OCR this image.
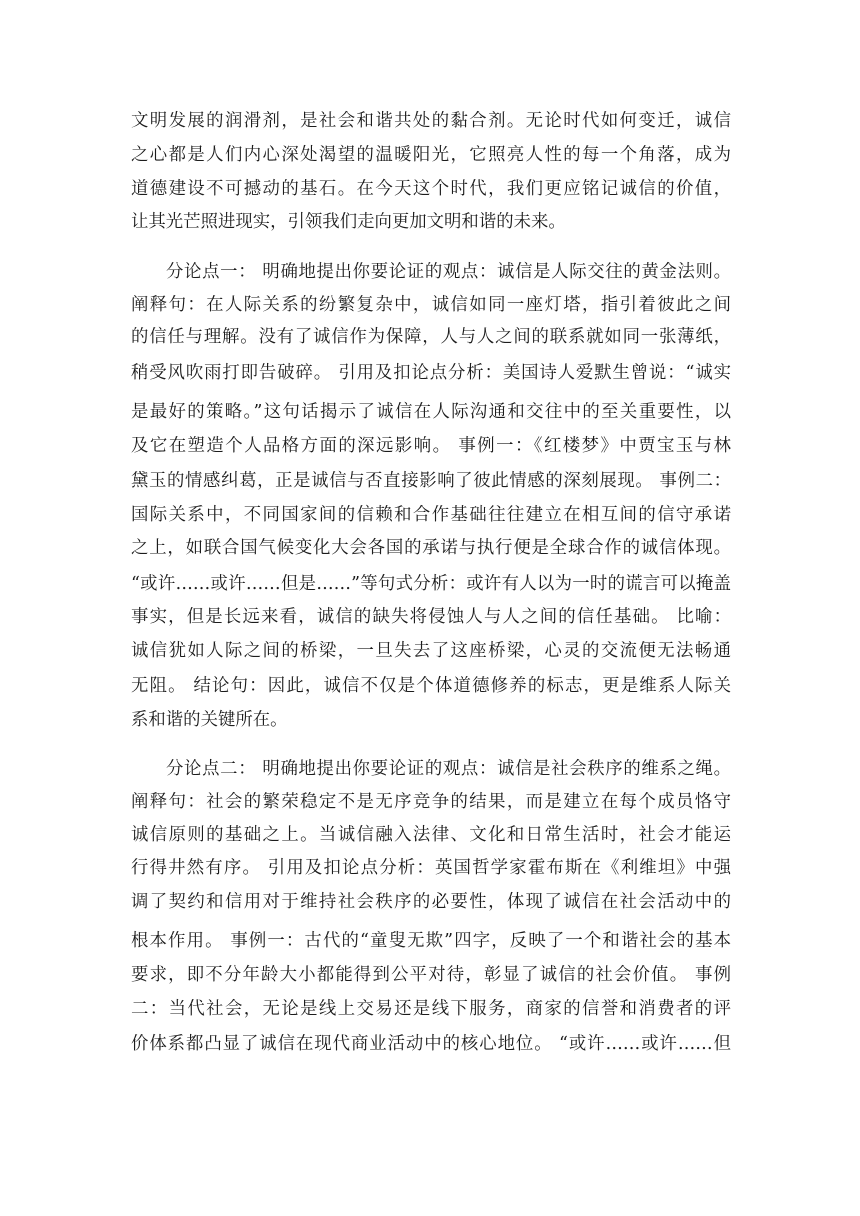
文明发展的润滑剂，是社会和谐共处的黏合剂。无论时代如何变迁，诚信
之心都是人们内心深处渴望的温暖阳光，它照亮人性的每一个角落，成为
道德建设不可撼动的基石。在今天这个时代，我们更应铭记诚信的价值，
让其光芒照进现实，引领我们走向更加文明和谐的未来。
分论点一： 明确地提出你要论证的观点：诚信是人际交往的黄金法则。
阐释句：在人际关系的纷繁复杂中，诚信如同一座灯塔，指引着彼此之间
的信任与理解。没有了诚信作为保障，人与人之间的联系就如同一张薄纸，
稍受风吹雨打即告破碎。 引用及扣论点分析：美国诗人爱默生曾说：“诚实
是最好的策略。”这句话揭示了诚信在人际沟通和交往中的至关重要性，以
及它在塑造个人品格方面的深远影响。 事例一：《红楼梦》中贾宝玉与林
黛玉的情感纠葛，正是诚信与否直接影响了彼此情感的深刻展现。 事例二：
国际关系中，不同国家间的信赖和合作基础往往建立在相互间的信守承诺
之上，如联合国气候变化大会各国的承诺与执行便是全球合作的诚信体现。
“或许……或许……但是……”等句式分析：或许有人以为一时的谎言可以掩盖
事实，但是长远来看，诚信的缺失将侵蚀人与人之间的信任基础。 比喻：
诚信犹如人际之间的桥梁，一旦失去了这座桥梁，心灵的交流便无法畅通
无阻。 结论句：因此，诚信不仅是个体道德修养的标志，更是维系人际关
系和谐的关键所在。
分论点二： 明确地提出你要论证的观点：诚信是社会秩序的维系之绳。
阐释句：社会的繁荣稳定不是无序竞争的结果，而是建立在每个成员恪守
诚信原则的基础之上。当诚信融入法律、文化和日常生活时，社会才能运
行得井然有序。 引用及扣论点分析：英国哲学家霍布斯在《利维坦》中强
调了契约和信用对于维持社会秩序的必要性，体现了诚信在社会活动中的
根本作用。 事例一：古代的“童叟无欺”四字，反映了一个和谐社会的基本
要求，即不分年龄大小都能得到公平对待，彰显了诚信的社会价值。 事例
二：当代社会，无论是线上交易还是线下服务，商家的信誉和消费者的评
价体系都凸显了诚信在现代商业活动中的核心地位。 “或许……或许……但
